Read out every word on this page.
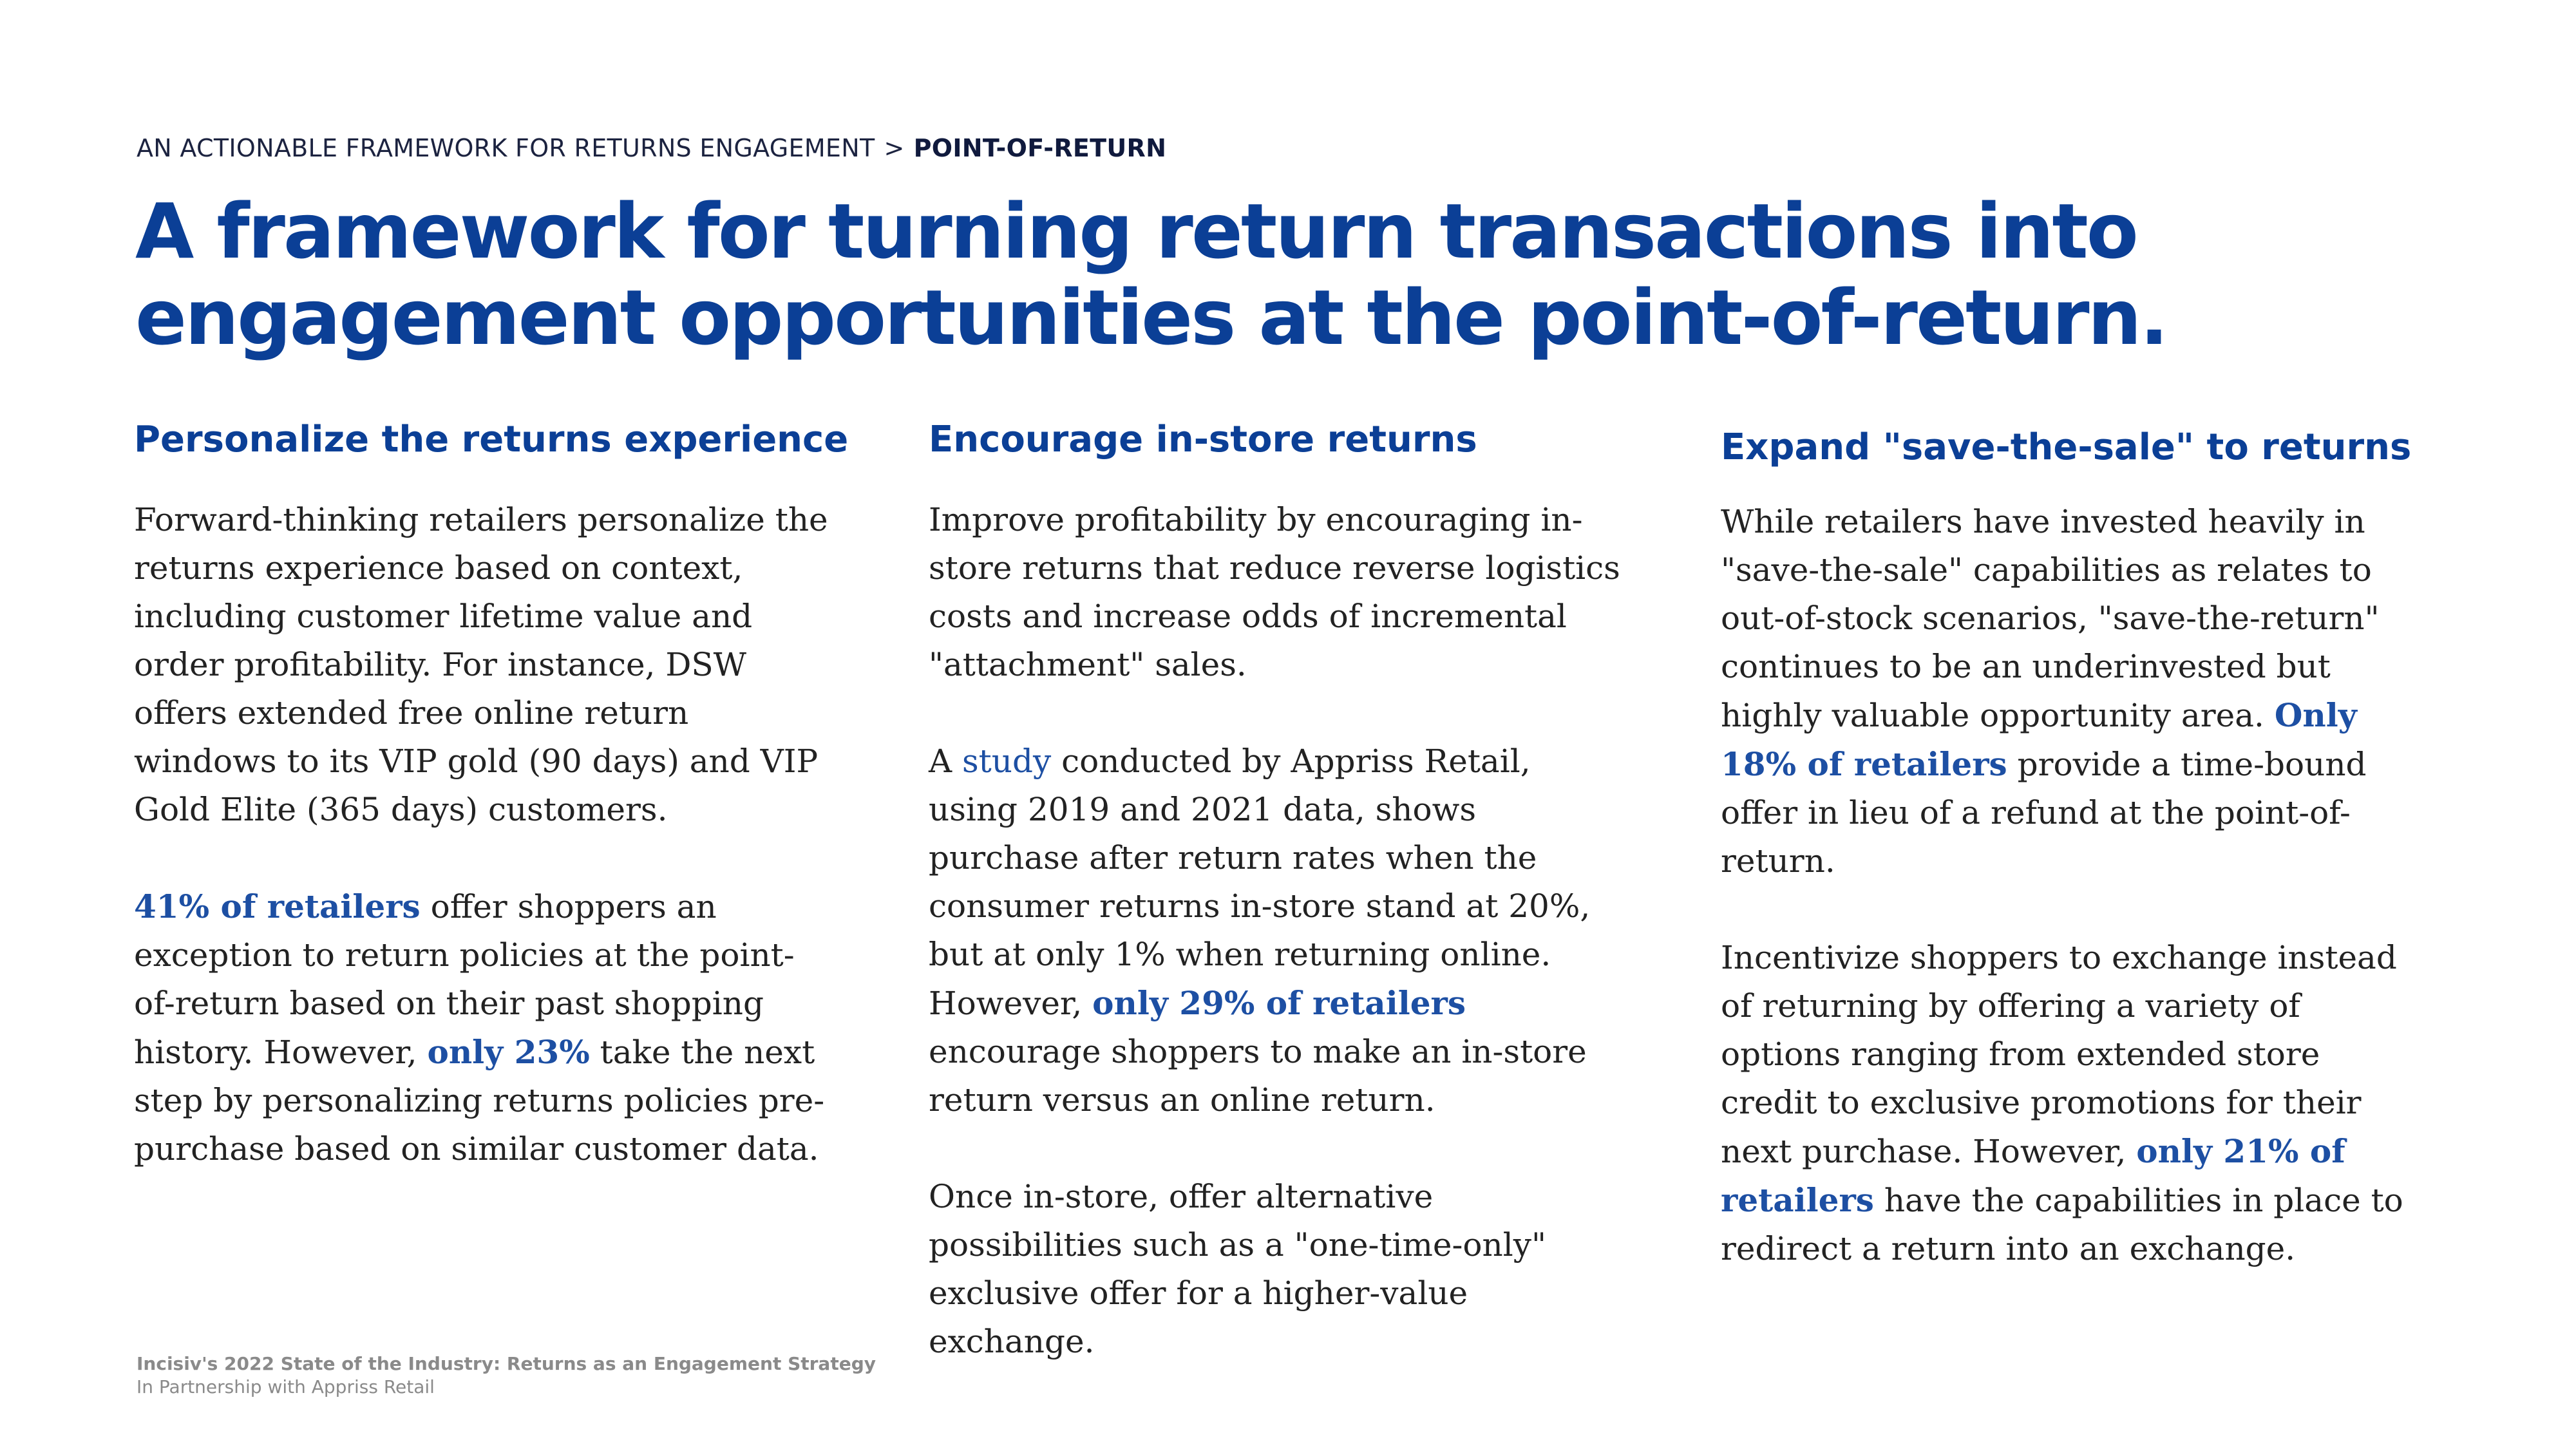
AN ACTIONABLE FRAMEWORK FOR RETURNS ENGAGEMENT > POINT-OF-RETURN
A framework for turning return transactions into engagement opportunities at the point-of-return.
Personalize the returns experience

Forward-thinking retailers personalize the returns experience based on context, including customer lifetime value and order profitability. For instance, DSW offers extended free online return windows to its VIP gold (90 days) and VIP Gold Elite (365 days) customers.

41% of retailers offer shoppers an exception to return policies at the point-of-return based on their past shopping history. However, only 23% take the next step by personalizing returns policies pre-purchase based on similar customer data.

Encourage in-store returns

Improve profitability by encouraging in-store returns that reduce reverse logistics costs and increase odds of incremental "attachment" sales.

A study conducted by Appriss Retail, using 2019 and 2021 data, shows purchase after return rates when the consumer returns in-store stand at 20%, but at only 1% when returning online. However, only 29% of retailers encourage shoppers to make an in-store return versus an online return.

Once in-store, offer alternative possibilities such as a "one-time-only" exclusive offer for a higher-value exchange.

Expand "save-the-sale" to returns

While retailers have invested heavily in "save-the-sale" capabilities as relates to out-of-stock scenarios, "save-the-return" continues to be an underinvested but highly valuable opportunity area. Only 18% of retailers provide a time-bound offer in lieu of a refund at the point-of-return.

Incentivize shoppers to exchange instead of returning by offering a variety of options ranging from extended store credit to exclusive promotions for their next purchase. However, only 21% of retailers have the capabilities in place to redirect a return into an exchange.

Incisiv's 2022 State of the Industry: Returns as an Engagement Strategy
In Partnership with Appriss Retail
